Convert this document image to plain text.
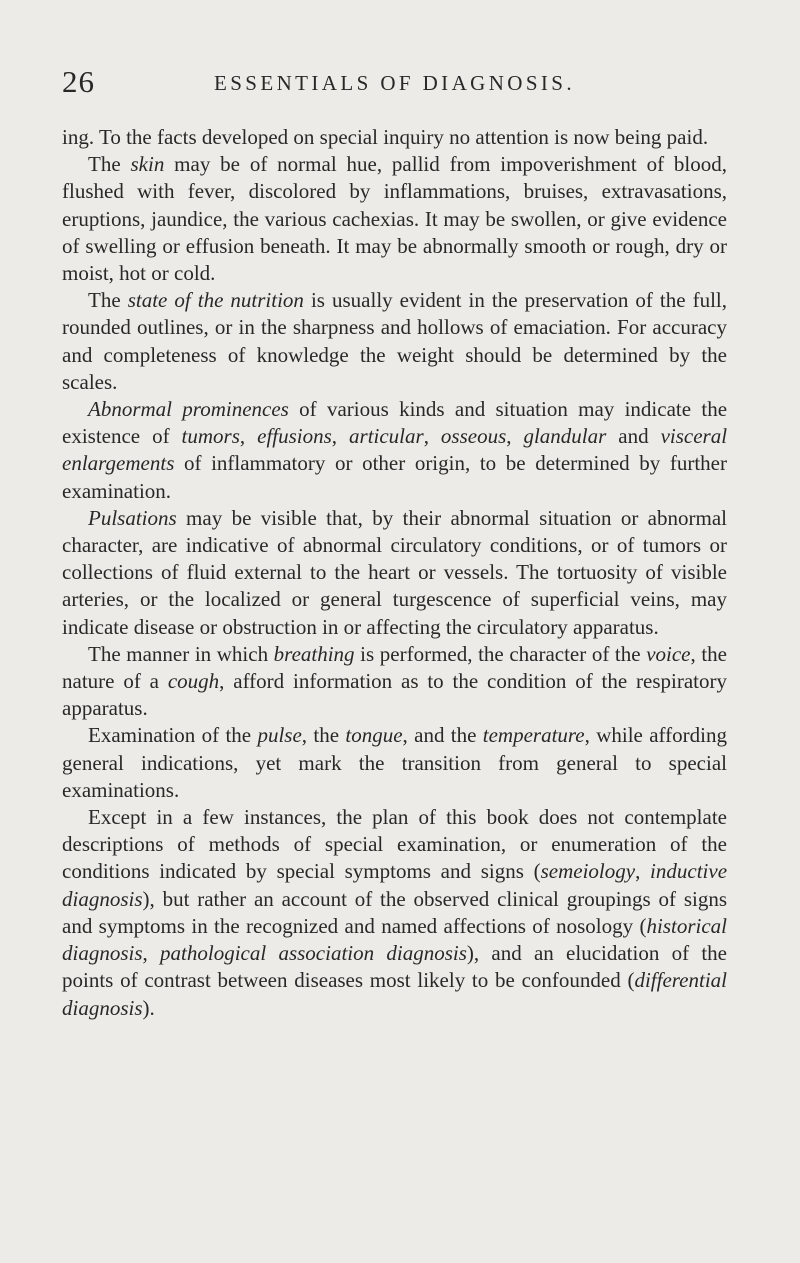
26	ESSENTIALS OF DIAGNOSIS.

ing. To the facts developed on special inquiry no attention is now being paid.

The skin may be of normal hue, pallid from impoverishment of blood, flushed with fever, discolored by inflammations, bruises, extravasations, eruptions, jaundice, the various cachexias. It may be swollen, or give evidence of swelling or effusion beneath. It may be abnormally smooth or rough, dry or moist, hot or cold.

The state of the nutrition is usually evident in the preservation of the full, rounded outlines, or in the sharpness and hollows of emaciation. For accuracy and completeness of knowledge the weight should be determined by the scales.

Abnormal prominences of various kinds and situation may indicate the existence of tumors, effusions, articular, osseous, glandular and visceral enlargements of inflammatory or other origin, to be determined by further examination.

Pulsations may be visible that, by their abnormal situation or abnormal character, are indicative of abnormal circulatory conditions, or of tumors or collections of fluid external to the heart or vessels. The tortuosity of visible arteries, or the localized or general turgescence of superficial veins, may indicate disease or obstruction in or affecting the circulatory apparatus.

The manner in which breathing is performed, the character of the voice, the nature of a cough, afford information as to the condition of the respiratory apparatus.

Examination of the pulse, the tongue, and the temperature, while affording general indications, yet mark the transition from general to special examinations.

Except in a few instances, the plan of this book does not contemplate descriptions of methods of special examination, or enumeration of the conditions indicated by special symptoms and signs (semeiology, inductive diagnosis), but rather an account of the observed clinical groupings of signs and symptoms in the recognized and named affections of nosology (historical diagnosis, pathological association diagnosis), and an elucidation of the points of contrast between diseases most likely to be confounded (differential diagnosis).
